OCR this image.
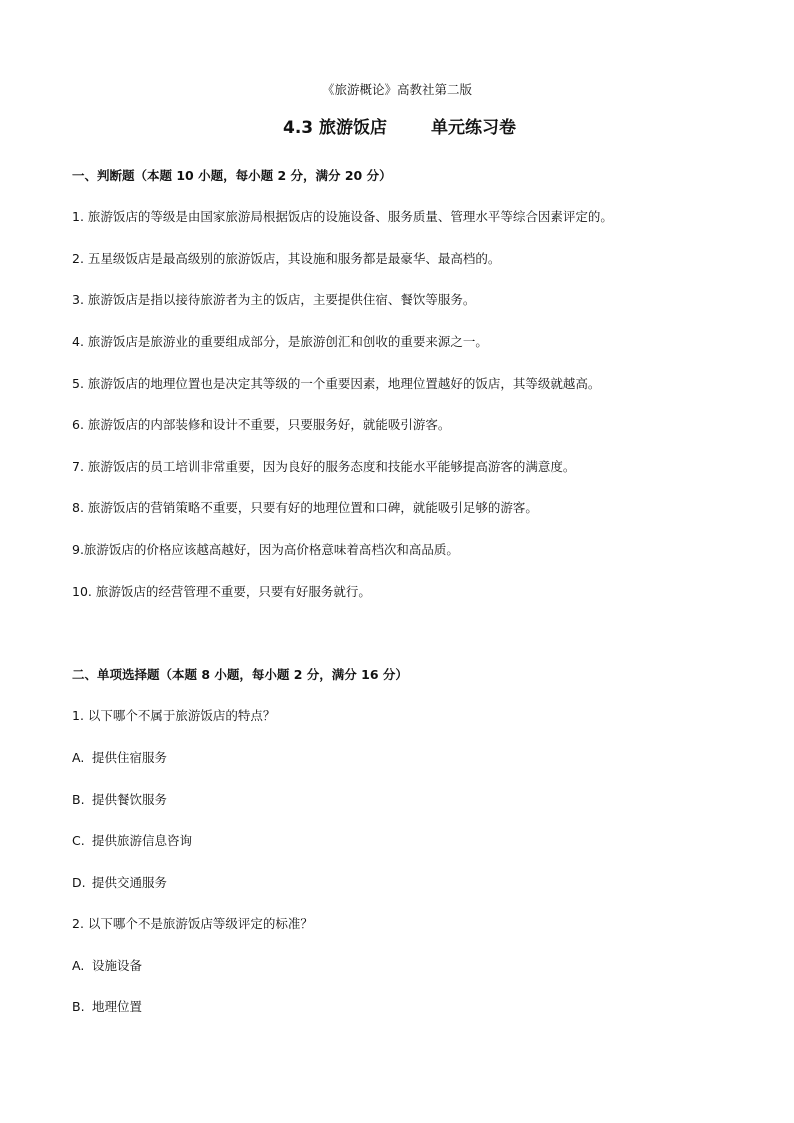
《旅游概论》高教社第二版
4.3 旅游饭店	单元练习卷
一、判断题（本题 10 小题，每小题 2 分，满分 20 分）
1. 旅游饭店的等级是由国家旅游局根据饭店的设施设备、服务质量、管理水平等综合因素评定的。
2. 五星级饭店是最高级别的旅游饭店，其设施和服务都是最豪华、最高档的。
3. 旅游饭店是指以接待旅游者为主的饭店，主要提供住宿、餐饮等服务。
4. 旅游饭店是旅游业的重要组成部分，是旅游创汇和创收的重要来源之一。
5. 旅游饭店的地理位置也是决定其等级的一个重要因素，地理位置越好的饭店，其等级就越高。
6. 旅游饭店的内部装修和设计不重要，只要服务好，就能吸引游客。
7. 旅游饭店的员工培训非常重要，因为良好的服务态度和技能水平能够提高游客的满意度。
8. 旅游饭店的营销策略不重要，只要有好的地理位置和口碑，就能吸引足够的游客。
9.旅游饭店的价格应该越高越好，因为高价格意味着高档次和高品质。
10. 旅游饭店的经营管理不重要，只要有好服务就行。
二、单项选择题（本题 8 小题，每小题 2 分，满分 16 分）
1. 以下哪个不属于旅游饭店的特点？
A. 提供住宿服务
B. 提供餐饮服务
C. 提供旅游信息咨询
D. 提供交通服务
2. 以下哪个不是旅游饭店等级评定的标准？
A. 设施设备
B. 地理位置
